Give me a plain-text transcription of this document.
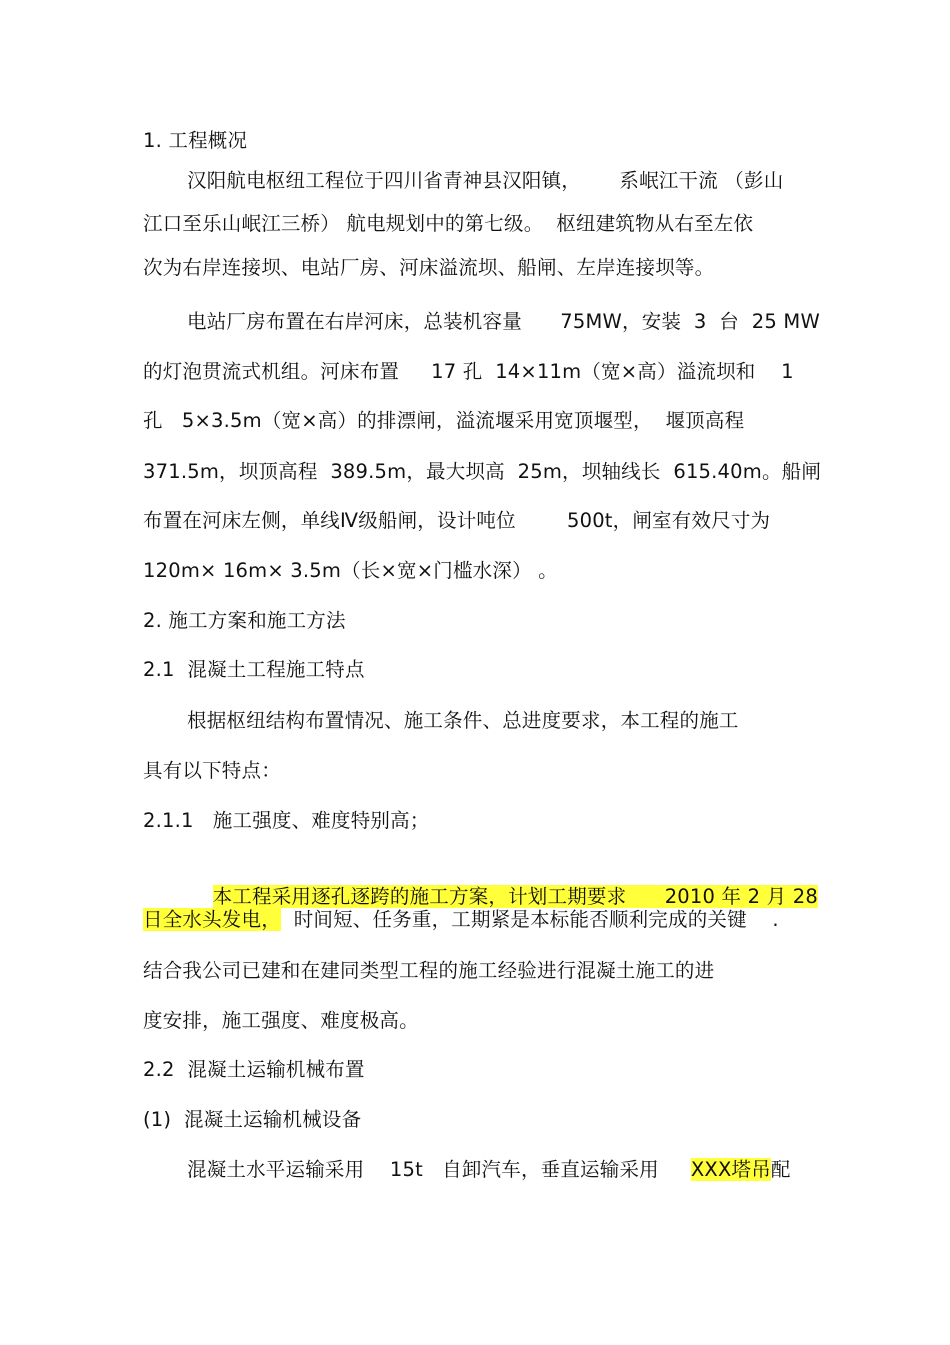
1. 工程概况
汉阳航电枢纽工程位于四川省青神县汉阳镇，      系岷江干流 （彭山
江口至乐山岷江三桥） 航电规划中的第七级。  枢纽建筑物从右至左依
次为右岸连接坝、电站厂房、河床溢流坝、船闸、左岸连接坝等。
电站厂房布置在右岸河床，总装机容量      75MW，安装  3  台  25 MW
的灯泡贯流式机组。河床布置     17 孔  14×11m（宽×高）溢流坝和    1
孔   5×3.5m（宽×高）的排漂闸，溢流堰采用宽顶堰型，  堰顶高程
371.5m，坝顶高程  389.5m，最大坝高  25m，坝轴线长  615.40m。船闸
布置在河床左侧，单线Ⅳ级船闸，设计吨位        500t，闸室有效尺寸为
120m× 16m× 3.5m（长×宽×门槛水深） 。
2. 施工方案和施工方法
2.1  混凝土工程施工特点
根据枢纽结构布置情况、施工条件、总进度要求，本工程的施工
具有以下特点：
2.1.1   施工强度、难度特别高；

本工程采用逐孔逐跨的施工方案，计划工期要求      2010 年 2 月 28

日全水头发电，  时间短、任务重，工期紧是本标能否顺利完成的关键    .
结合我公司已建和在建同类型工程的施工经验进行混凝土施工的进
度安排，施工强度、难度极高。
2.2  混凝土运输机械布置
(1)  混凝土运输机械设备
混凝土水平运输采用    15t   自卸汽车，垂直运输采用     XXX塔吊配
